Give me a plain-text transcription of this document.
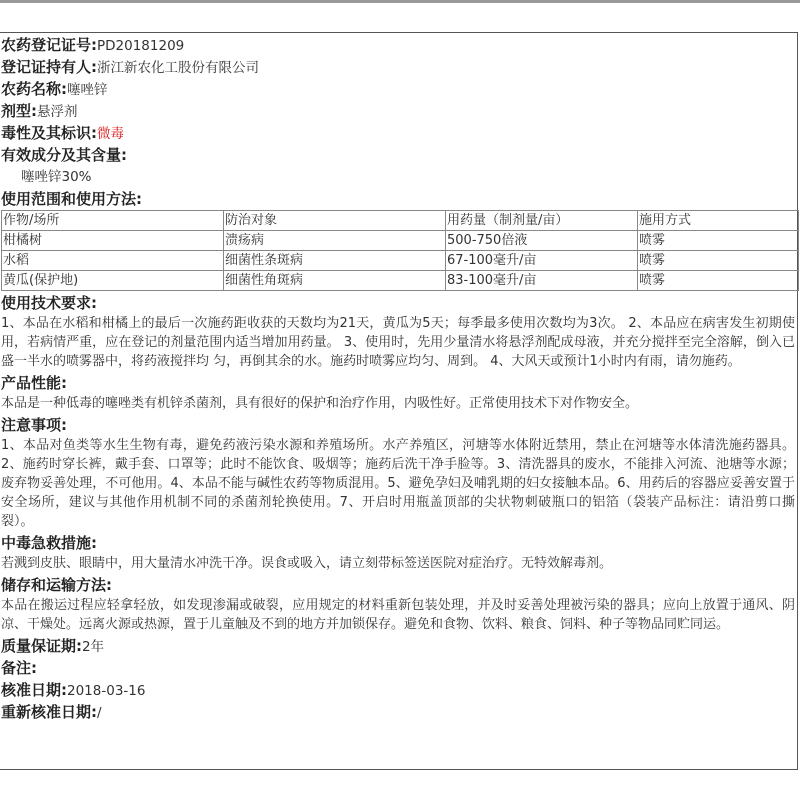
农药登记证号:PD20181209
登记证持有人:浙江新农化工股份有限公司
农药名称:噻唑锌
剂型:悬浮剂
毒性及其标识:微毒
有效成分及其含量:
噻唑锌30%
使用范围和使用方法:
作物/场所	防治对象	用药量（制剂量/亩）	施用方式
柑橘树	溃疡病	500-750倍液	喷雾
水稻	细菌性条斑病	67-100毫升/亩	喷雾
黄瓜(保护地)	细菌性角斑病	83-100毫升/亩	喷雾
使用技术要求:
1、本品在水稻和柑橘上的最后一次施药距收获的天数均为21天，黄瓜为5天；每季最多使用次数均为3次。 2、本品应在病害发生初期使用，若病情严重，应在登记的剂量范围内适当增加用药量。 3、使用时，先用少量清水将悬浮剂配成母液，并充分搅拌至完全溶解，倒入已盛一半水的喷雾器中，将药液搅拌均 匀，再倒其余的水。施药时喷雾应均匀、周到。 4、大风天或预计1小时内有雨，请勿施药。
产品性能:
本品是一种低毒的噻唑类有机锌杀菌剂，具有很好的保护和治疗作用，内吸性好。正常使用技术下对作物安全。
注意事项:
1、本品对鱼类等水生生物有毒，避免药液污染水源和养殖场所。水产养殖区，河塘等水体附近禁用，禁止在河塘等水体清洗施药器具。2、施药时穿长裤，戴手套、口罩等；此时不能饮食、吸烟等；施药后洗干净手脸等。3、清洗器具的废水，不能排入河流、池塘等水源；废弃物妥善处理，不可他用。4、本品不能与碱性农药等物质混用。5、避免孕妇及哺乳期的妇女接触本品。6、用药后的容器应妥善安置于安全场所，建议与其他作用机制不同的杀菌剂轮换使用。7、开启时用瓶盖顶部的尖状物刺破瓶口的铝箔（袋装产品标注：请沿剪口撕裂）。
中毒急救措施:
若溅到皮肤、眼睛中，用大量清水冲洗干净。误食或吸入，请立刻带标签送医院对症治疗。无特效解毒剂。
储存和运输方法:
本品在搬运过程应轻拿轻放，如发现渗漏或破裂，应用规定的材料重新包装处理，并及时妥善处理被污染的器具；应向上放置于通风、阴凉、干燥处。远离火源或热源，置于儿童触及不到的地方并加锁保存。避免和食物、饮料、粮食、饲料、种子等物品同贮同运。
质量保证期:2年
备注:
核准日期:2018-03-16
重新核准日期:/
